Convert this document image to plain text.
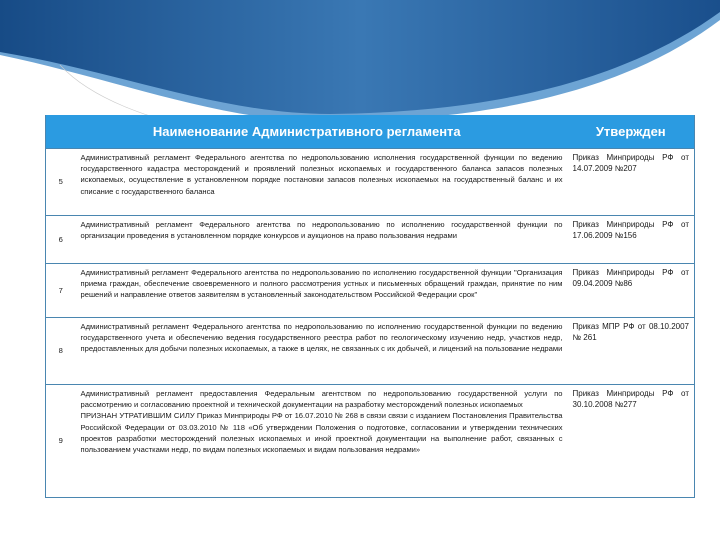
Наименование Административного регламента		Утвержден
5	Административный регламент Федерального агентства по недропользованию исполнения государственной функции по ведению государственного кадастра месторождений и проявлений полезных ископаемых и государственного баланса запасов полезных ископаемых, осуществление в установленном порядке постановки запасов полезных ископаемых на государственный баланс и их списание с государственного баланса	Приказ Минприроды РФ от 14.07.2009 №207
6	Административный регламент Федерального агентства по недропользованию по исполнению государственной функции по организации проведения в установленном порядке конкурсов и аукционов на право пользования недрами	Приказ Минприроды РФ от 17.06.2009 №156
7	Административный регламент Федерального агентства по недропользованию по исполнению государственной функции "Организация приема граждан, обеспечение своевременного и полного рассмотрения устных и письменных обращений граждан, принятие по ним решений и направление ответов заявителям в установленный законодательством Российской Федерации срок"	Приказ Минприроды РФ от 09.04.2009 №86
8	Административный регламент Федерального агентства по недропользованию по исполнению государственной функции по ведению государственного учета и обеспечению ведения государственного реестра работ по геологическому изучению недр, участков недр, предоставленных для добычи полезных ископаемых, а также в целях, не связанных с их добычей, и лицензий на пользование недрами	Приказ МПР РФ от 08.10.2007 № 261
9	Административный регламент предоставления Федеральным агентством по недропользованию государственной услуги по рассмотрению и согласованию проектной и технической документации на разработку месторождений полезных ископаемых
ПРИЗНАН УТРАТИВШИМ СИЛУ Приказ Минприроды РФ от 16.07.2010 № 268 в связи связи с изданием Постановления Правительства Российской Федерации от 03.03.2010 № 118 «Об утверждении Положения о подготовке, согласовании и утверждении технических проектов разработки месторождений полезных ископаемых и иной проектной документации на выполнение работ, связанных с пользованием участками недр, по видам полезных ископаемых и видам пользования недрами»	Приказ Минприроды РФ от 30.10.2008 №277
